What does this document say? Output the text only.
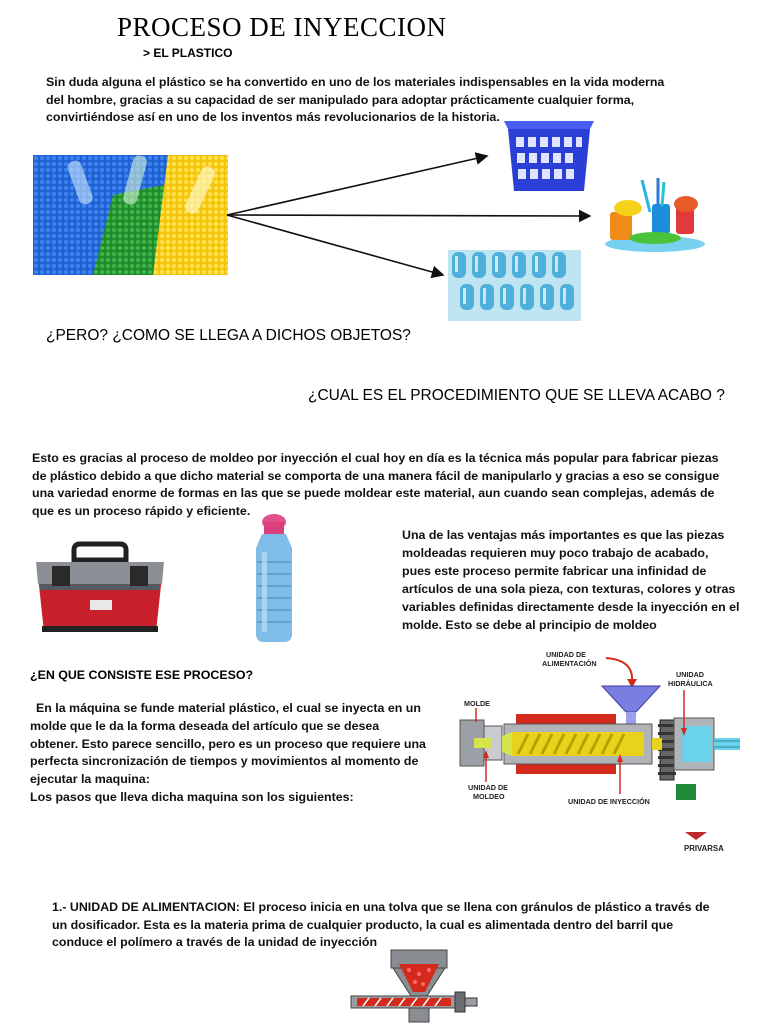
PROCESO DE INYECCION
> EL PLASTICO
Sin duda alguna el plástico se ha convertido en uno de los materiales indispensables en la vida moderna del hombre, gracias a su capacidad de ser manipulado para adoptar prácticamente cualquier forma, convirtiéndose así en uno de los inventos más revolucionarios de la historia.
¿PERO? ¿COMO SE LLEGA A DICHOS OBJETOS?
¿CUAL ES EL PROCEDIMIENTO QUE SE LLEVA ACABO ?
Esto es gracias al proceso de moldeo por inyección el cual hoy en día es la técnica más popular para fabricar piezas de plástico debido a que dicho material se comporta de una manera fácil de manipularlo y gracias a eso se consigue una variedad enorme de formas en las que se puede moldear este material, aun cuando sean complejas, además de que es un proceso rápido y eficiente.
Una de las ventajas más importantes es que las piezas moldeadas requieren muy poco trabajo de acabado, pues este proceso permite fabricar una infinidad de artículos de una sola pieza, con texturas, colores y otras variables definidas directamente desde la inyección en el molde. Esto se debe al principio de moldeo
¿EN QUE CONSISTE ESE PROCESO?
En la máquina se funde material plástico, el cual se inyecta en un molde que le da la forma deseada del artículo que se desea obtener. Esto parece sencillo, pero es un proceso que requiere una perfecta sincronización de tiempos y movimientos al momento de ejecutar la maquina:
Los pasos que lleva dicha maquina son los siguientes:
UNIDAD DE
ALIMENTACIÓN
UNIDAD
HIDRÁULICA
MOLDE
UNIDAD DE
MOLDEO
UNIDAD DE INYECCIÓN
PRIVARSA
1.- UNIDAD DE ALIMENTACION: El proceso inicia en una tolva que se llena con gránulos de plástico a través de un dosificador. Esta es la materia prima de cualquier producto, la cual es alimentada dentro del barril que conduce el polímero a través de la unidad de inyección
